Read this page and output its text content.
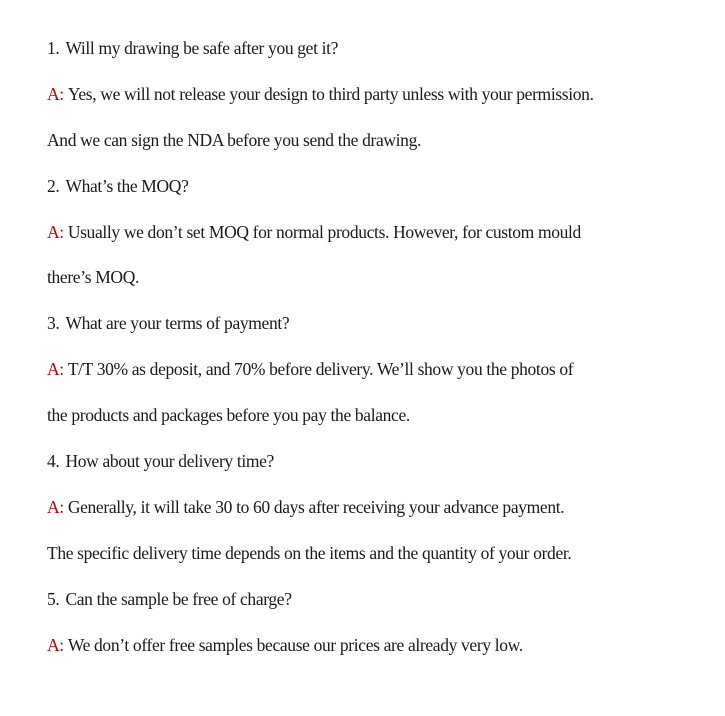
1. Will my drawing be safe after you get it?
A: Yes, we will not release your design to third party unless with your permission.
And we can sign the NDA before you send the drawing.
2. What’s the MOQ?
A: Usually we don’t set MOQ for normal products. However, for custom mould
there’s MOQ.
3. What are your terms of payment?
A: T/T 30% as deposit, and 70% before delivery. We’ll show you the photos of
the products and packages before you pay the balance.
4. How about your delivery time?
A: Generally, it will take 30 to 60 days after receiving your advance payment.
The specific delivery time depends on the items and the quantity of your order.
5. Can the sample be free of charge?
A: We don’t offer free samples because our prices are already very low.
